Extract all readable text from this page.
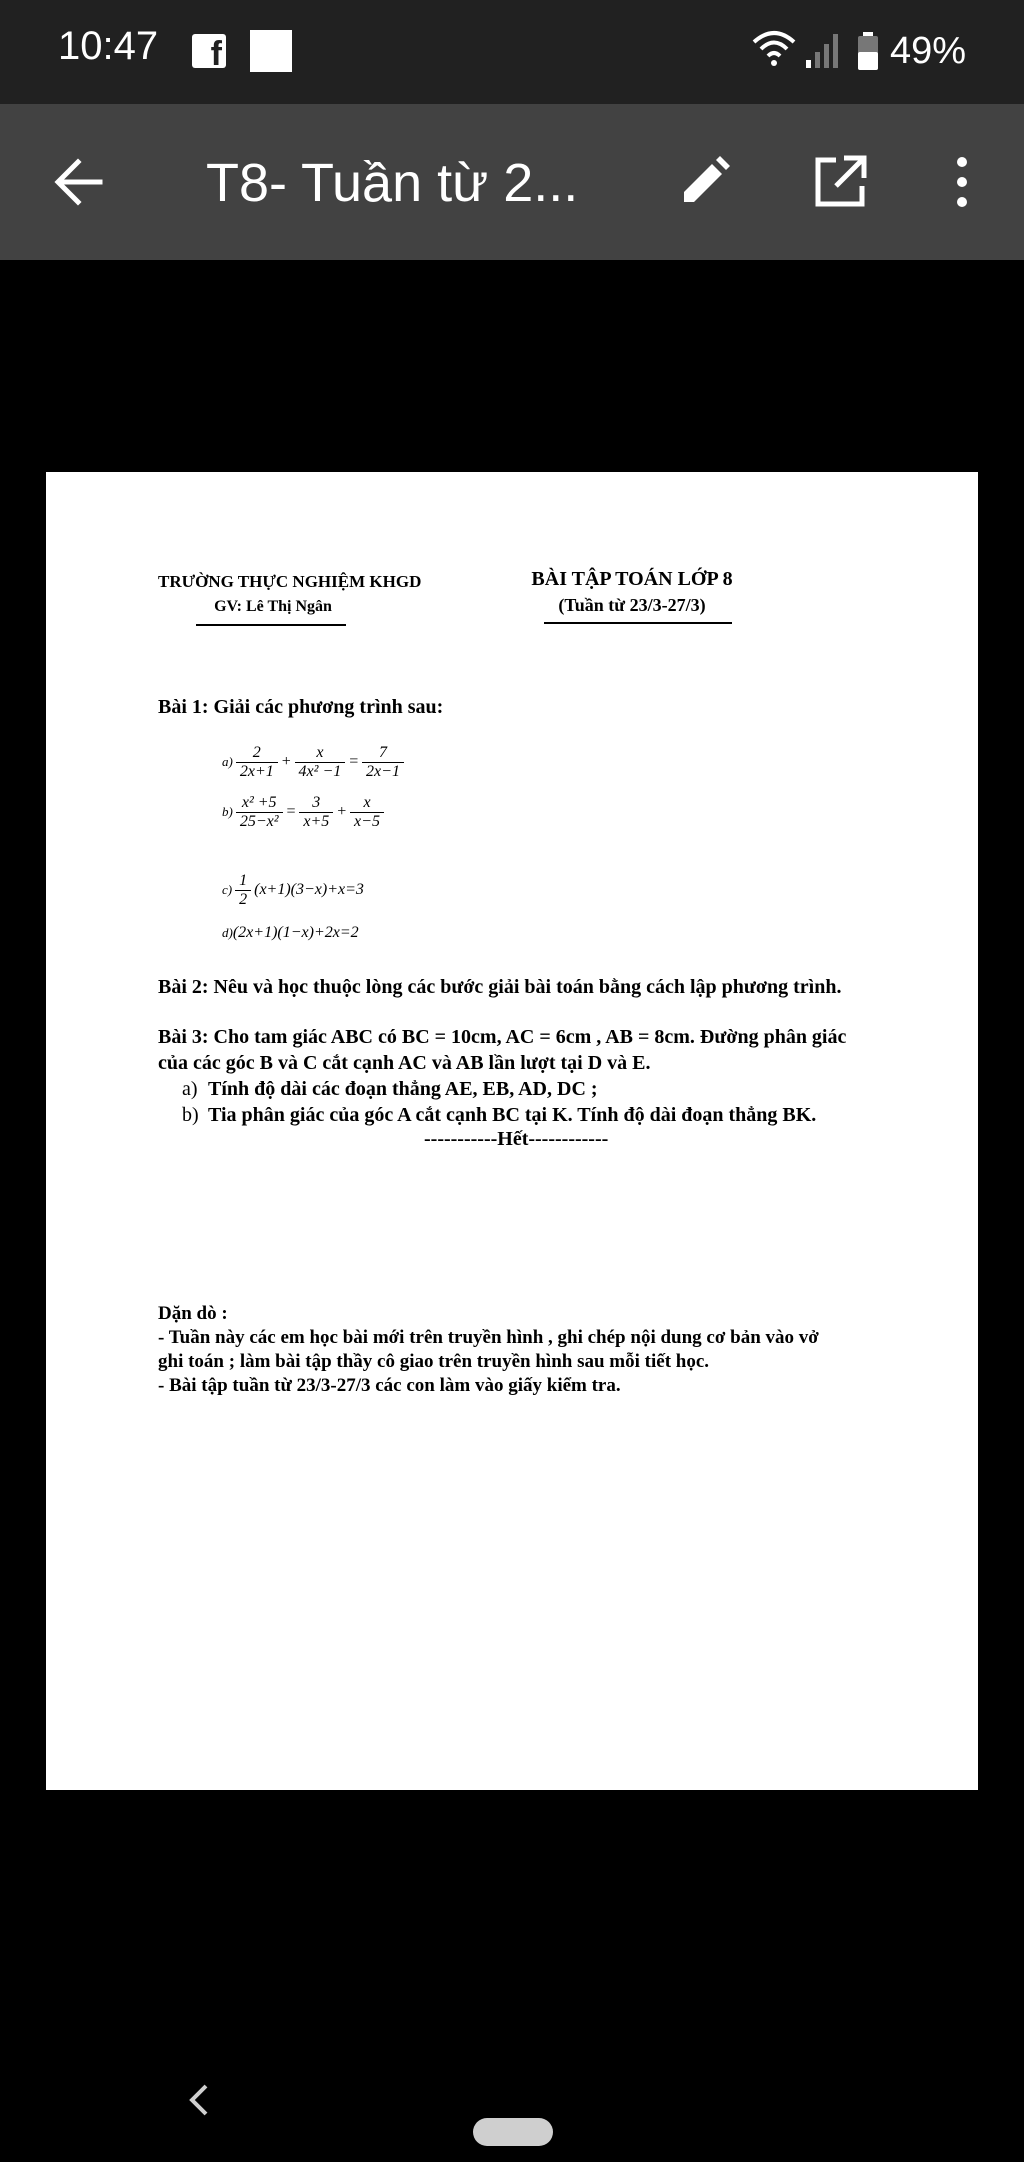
10:47	f	49%
T8- Tuần từ 2...
TRƯỜNG THỰC NGHIỆM KHGD
GV: Lê Thị Ngân
BÀI TẬP TOÁN LỚP 8
(Tuần từ 23/3-27/3)
Bài 1: Giải các phương trình sau:
$a) \frac{2}{2x+1} + \frac{x}{\text{4x² −1}} = \frac{7}{2x-1}$
$b) \frac{\text{x² +5}}{\text{25−x²}} = \frac{3}{x+5} + \frac{x}{x-5}$
$c) \frac{1}{2} (x+1)(3-x)+x=3$
d)(2x+1)(1−x)+2x=2
Bài 2: Nêu và học thuộc lòng các bước giải bài toán bằng cách lập phương trình.
Bài 3: Cho tam giác ABC có BC = 10cm, AC = 6cm , AB = 8cm. Đường phân giác
của các góc B và C cắt cạnh AC và AB lần lượt tại D và E.
a) Tính độ dài các đoạn thẳng AE, EB, AD, DC ;
b) Tia phân giác của góc A cắt cạnh BC tại K. Tính độ dài đoạn thẳng BK.
-----------Hết------------
Dặn dò :
- Tuần này các em học bài mới trên truyền hình , ghi chép nội dung cơ bản vào vở
ghi toán ; làm bài tập thầy cô giao trên truyền hình sau mỗi tiết học.
- Bài tập tuần từ 23/3-27/3 các con làm vào giấy kiểm tra.
